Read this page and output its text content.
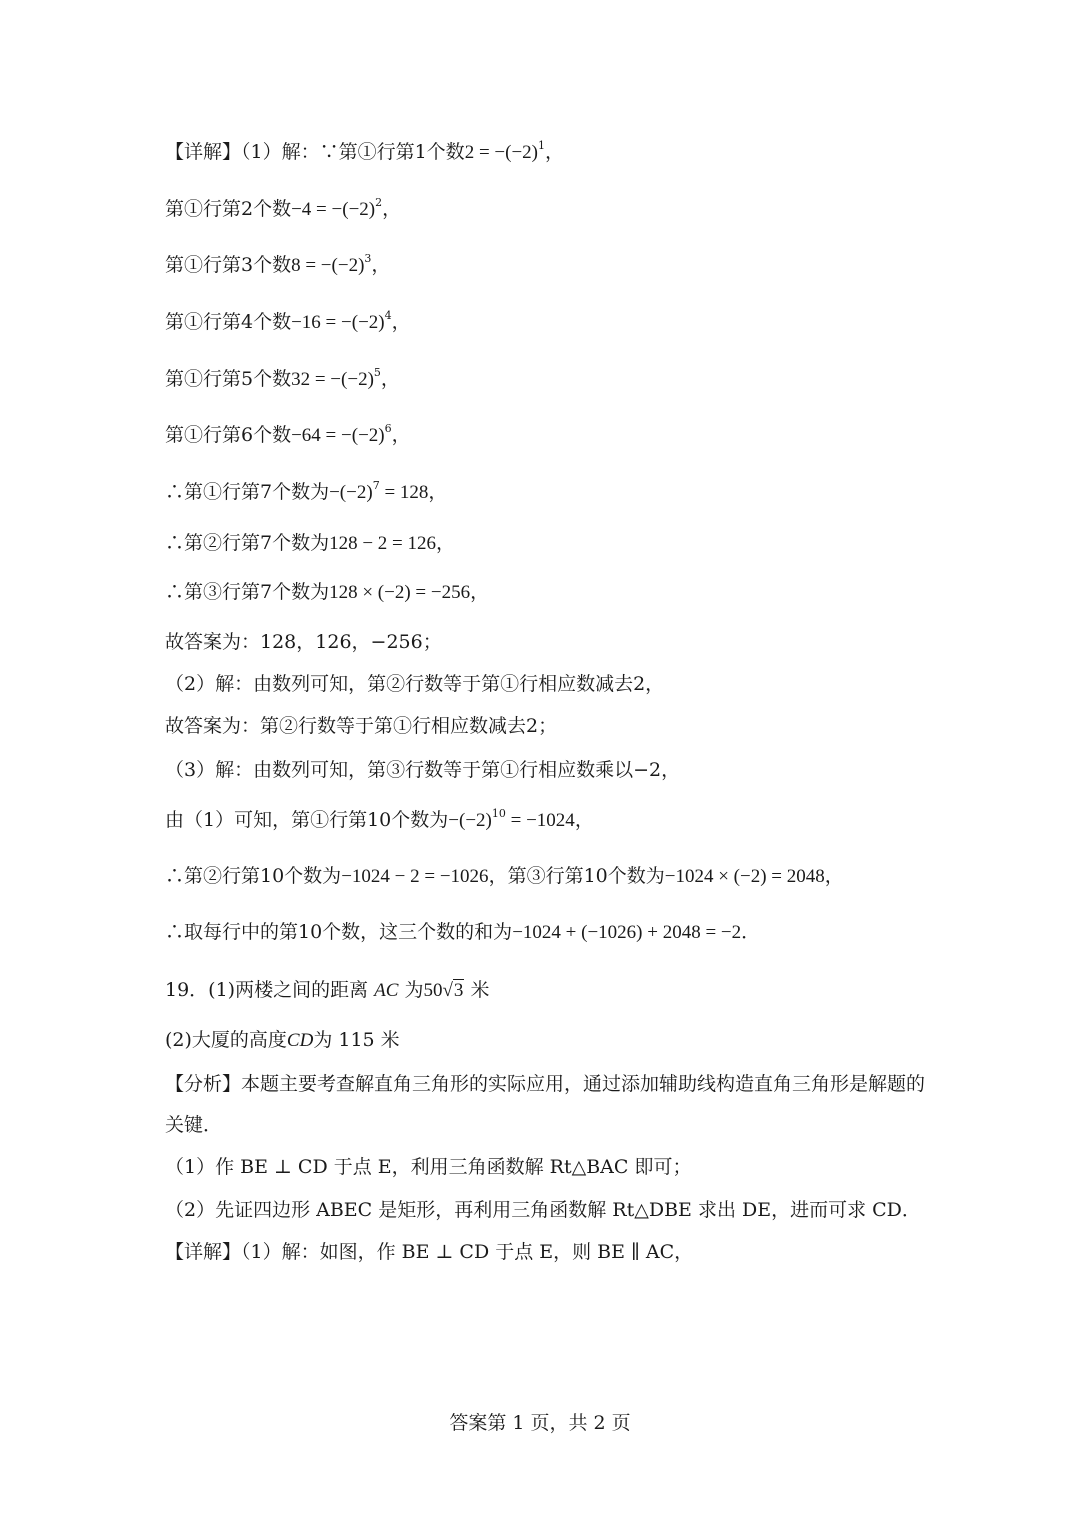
【详解】（1）解：∵第①行第1个数$2 = -(-2)^1$，
第①行第2个数$-4 = -(-2)^2$，
第①行第3个数$8 = -(-2)^3$，
第①行第4个数$-16 = -(-2)^4$，
第①行第5个数$32 = -(-2)^5$，
第①行第6个数$-64 = -(-2)^6$，
∴第①行第7个数为$-(-2)^7 = 128$，
∴第②行第7个数为128 − 2 = 126，
∴第③行第7个数为128 × (−2) = −256，
故答案为：128，126，−256；
（2）解：由数列可知，第②行数等于第①行相应数减去2，
故答案为：第②行数等于第①行相应数减去2；
（3）解：由数列可知，第③行数等于第①行相应数乘以−2，
由（1）可知，第①行第10个数为$-(-2)^{10} = -1024$，
∴第②行第10个数为−1024 − 2 = −1026，第③行第10个数为−1024 × (−2) = 2048，
∴取每行中的第10个数，这三个数的和为−1024 + (−1026) + 2048 = −2．
19．(1)两楼之间的距离 AC 为50√3 米
(2)大厦的高度CD为 115 米
【分析】本题主要考查解直角三角形的实际应用，通过添加辅助线构造直角三角形是解题的
关键．
（1）作 BE ⊥ CD 于点 E，利用三角函数解 Rt△BAC 即可；
（2）先证四边形 ABEC 是矩形，再利用三角函数解 Rt△DBE 求出 DE，进而可求 CD．
【详解】（1）解：如图，作 BE ⊥ CD 于点 E，则 BE ∥ AC，
答案第 1 页，共 2 页
